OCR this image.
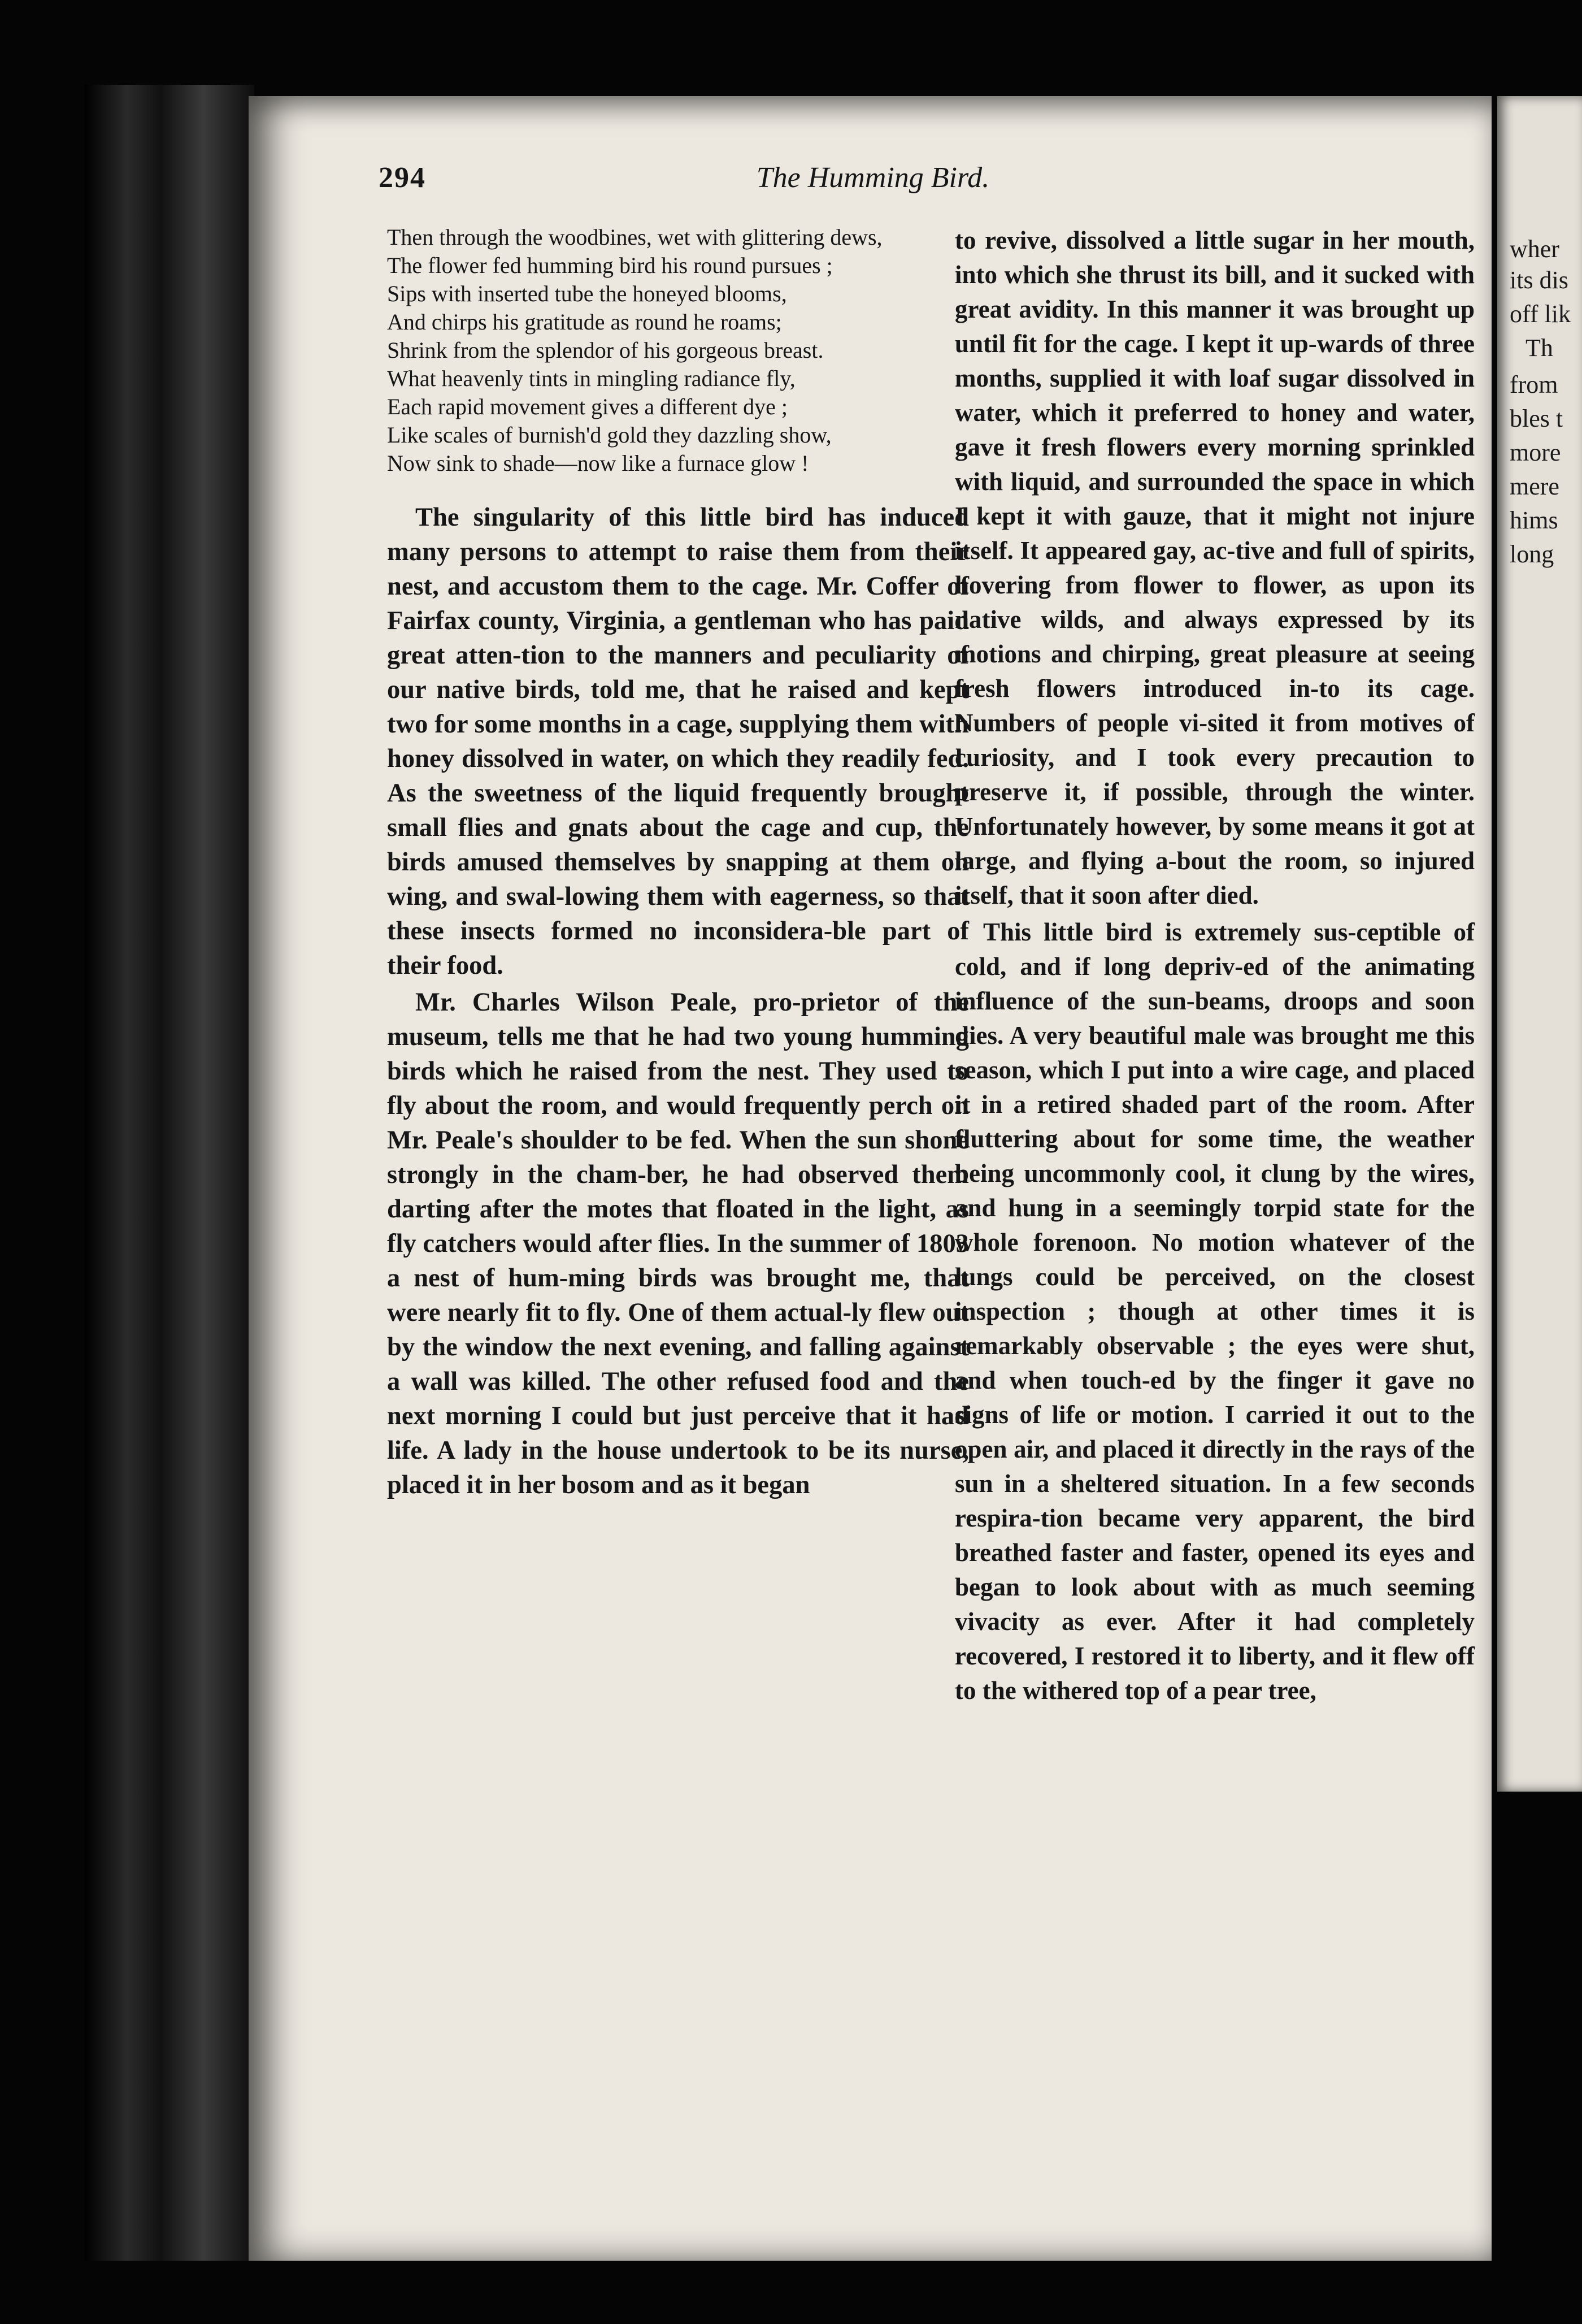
294	The Humming Bird.
Then through the woodbines, wet with glittering dews,
The flower fed humming bird his round pursues ;
Sips with inserted tube the honeyed blooms,
And chirps his gratitude as round he roams;
Shrink from the splendor of his gorgeous breast.
What heavenly tints in mingling radiance fly,
Each rapid movement gives a different dye ;
Like scales of burnish'd gold they dazzling show,
Now sink to shade—now like a furnace glow !

The singularity of this little bird has induced many persons to attempt to raise them from their nest, and accustom them to the cage. Mr. Coffer of Fairfax county, Virginia, a gentleman who has paid great atten-tion to the manners and peculiarity of our native birds, told me, that he raised and kept two for some months in a cage, supplying them with honey dissolved in water, on which they readily fed. As the sweetness of the liquid frequently brought small flies and gnats about the cage and cup, the birds amused themselves by snapping at them on wing, and swal-lowing them with eagerness, so that these insects formed no inconsidera-ble part of their food.

Mr. Charles Wilson Peale, pro-prietor of the museum, tells me that he had two young humming birds which he raised from the nest. They used to fly about the room, and would frequently perch on Mr. Peale's shoulder to be fed. When the sun shone strongly in the cham-ber, he had observed them darting after the motes that floated in the light, as fly catchers would after flies. In the summer of 1803 a nest of hum-ming birds was brought me, that were nearly fit to fly. One of them actual-ly flew out by the window the next evening, and falling against a wall was killed. The other refused food and the next morning I could but just perceive that it had life. A lady in the house undertook to be its nurse, placed it in her bosom and as it began

to revive, dissolved a little sugar in her mouth, into which she thrust its bill, and it sucked with great avidity. In this manner it was brought up until fit for the cage. I kept it up-wards of three months, supplied it with loaf sugar dissolved in water, which it preferred to honey and water, gave it fresh flowers every morning sprinkled with liquid, and surrounded the space in which I kept it with gauze, that it might not injure itself. It appeared gay, ac-tive and full of spirits, hovering from flower to flower, as upon its native wilds, and always expressed by its motions and chirping, great pleasure at seeing fresh flowers introduced in-to its cage. Numbers of people vi-sited it from motives of curiosity, and I took every precaution to preserve it, if possible, through the winter. Unfortunately however, by some means it got at large, and flying a-bout the room, so injured itself, that it soon after died.

This little bird is extremely sus-ceptible of cold, and if long depriv-ed of the animating influence of the sun-beams, droops and soon dies. A very beautiful male was brought me this season, which I put into a wire cage, and placed it in a retired shaded part of the room. After fluttering about for some time, the weather being uncommonly cool, it clung by the wires, and hung in a seemingly torpid state for the whole forenoon. No motion whatever of the lungs could be perceived, on the closest inspection ; though at other times it is remarkably observable ; the eyes were shut, and when touch-ed by the finger it gave no signs of life or motion. I carried it out to the open air, and placed it directly in the rays of the sun in a sheltered situation. In a few seconds respira-tion became very apparent, the bird breathed faster and faster, opened its eyes and began to look about with as much seeming vivacity as ever. After it had completely recovered, I restored it to liberty, and it flew off to the withered top of a pear tree,

wher
its dis
off lik
Th
from
bles t
more
mere
hims
long
